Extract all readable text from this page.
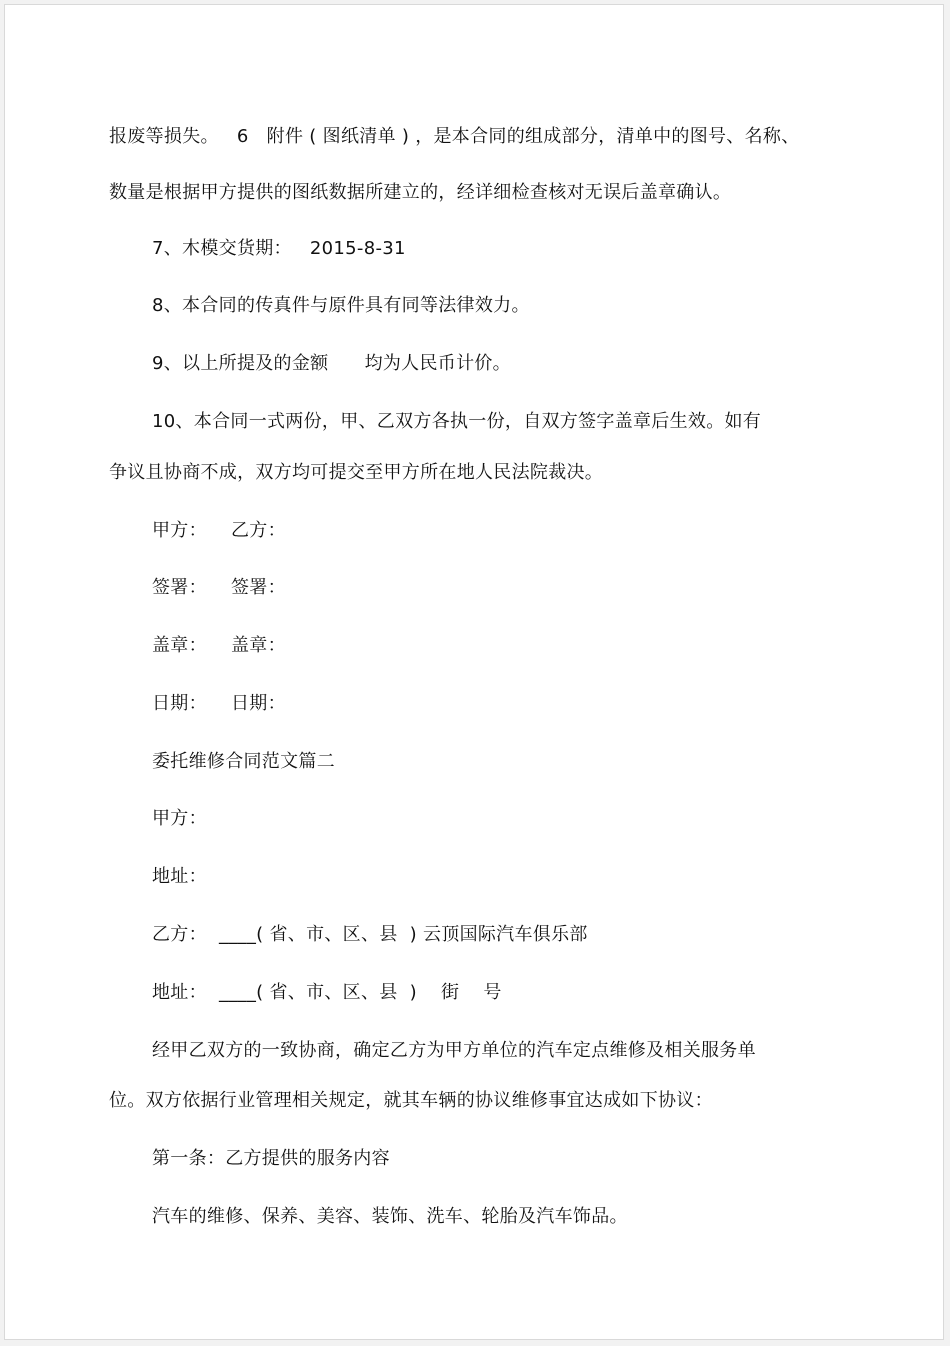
报废等损失。   6   附件 ( 图纸清单 ) ，是本合同的组成部分，清单中的图号、名称、
数量是根据甲方提供的图纸数据所建立的，经详细检查核对无误后盖章确认。
7、木模交货期：   2015-8-31
8、本合同的传真件与原件具有同等法律效力。
9、以上所提及的金额      均为人民币计价。
10、本合同一式两份，甲、乙双方各执一份，自双方签字盖章后生效。如有
争议且协商不成，双方均可提交至甲方所在地人民法院裁决。
甲方：    乙方：
签署：    签署：
盖章：    盖章：
日期：    日期：
委托维修合同范文篇二
甲方：
地址：
乙方：  ____( 省、市、区、县  ) 云顶国际汽车俱乐部
地址：  ____( 省、市、区、县  )    街    号
经甲乙双方的一致协商，确定乙方为甲方单位的汽车定点维修及相关服务单
位。双方依据行业管理相关规定，就其车辆的协议维修事宜达成如下协议：
第一条：乙方提供的服务内容
汽车的维修、保养、美容、装饰、洗车、轮胎及汽车饰品。
